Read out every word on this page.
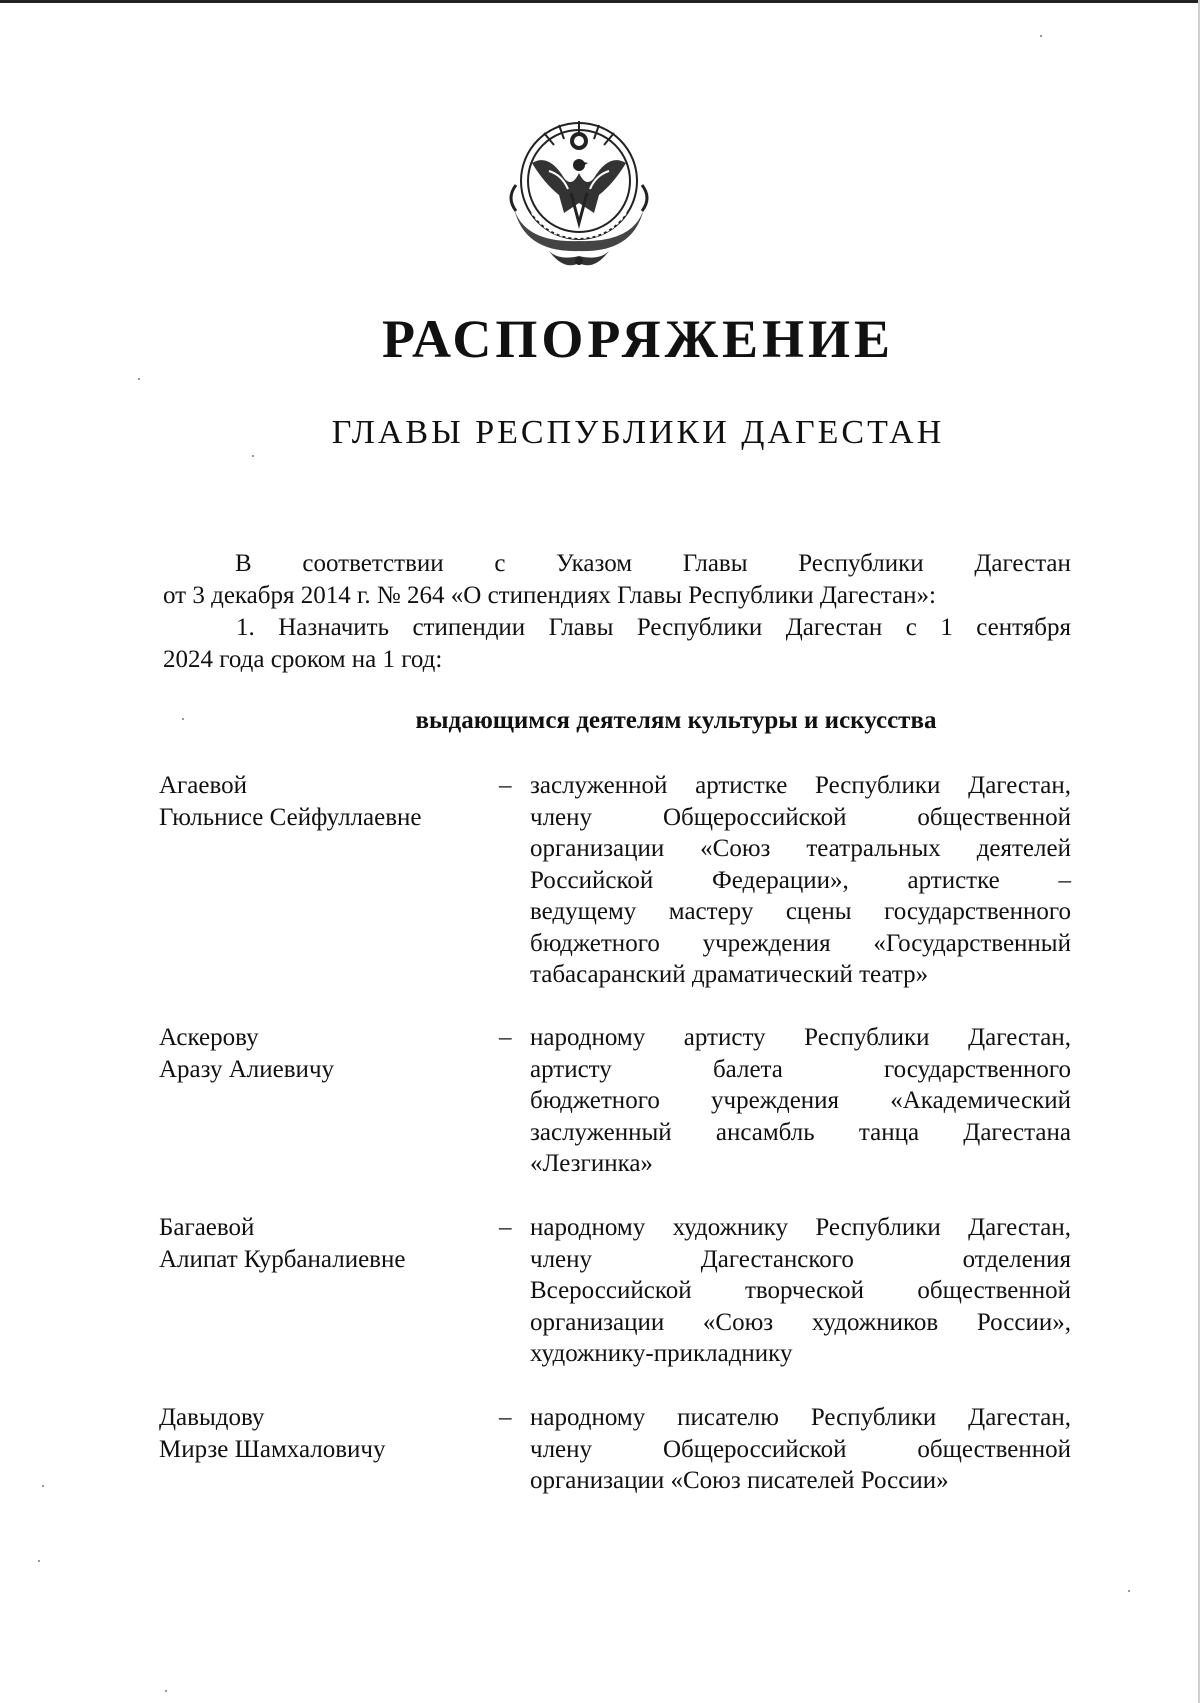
РАСПОРЯЖЕНИЕ
ГЛАВЫ РЕСПУБЛИКИ ДАГЕСТАН
В соответствии с Указом Главы Республики Дагестан
от 3 декабря 2014 г. № 264 «О стипендиях Главы Республики Дагестан»:
1. Назначить стипендии Главы Республики Дагестан с 1 сентября
2024 года сроком на 1 год:
выдающимся деятелям культуры и искусства
Агаевой
Гюльнисе Сейфуллаевне
– заслуженной артистке Республики Дагестан,
члену	Общероссийской	общественной
организации «Союз театральных деятелей
Российской Федерации», артистке –
ведущему мастеру сцены государственного
бюджетного учреждения «Государственный
табасаранский драматический театр»
Аскерову
Аразу Алиевичу
– народному артисту Республики Дагестан,
артисту	балета	государственного
бюджетного учреждения «Академический
заслуженный ансамбль танца Дагестана
«Лезгинка»
Багаевой
Алипат Курбаналиевне
– народному художнику Республики Дагестан,
члену	Дагестанского	отделения
Всероссийской творческой общественной
организации «Союз художников России»,
художнику-прикладнику
Давыдову
Мирзе Шамхаловичу
– народному писателю Республики Дагестан,
члену	Общероссийской	общественной
организации «Союз писателей России»
